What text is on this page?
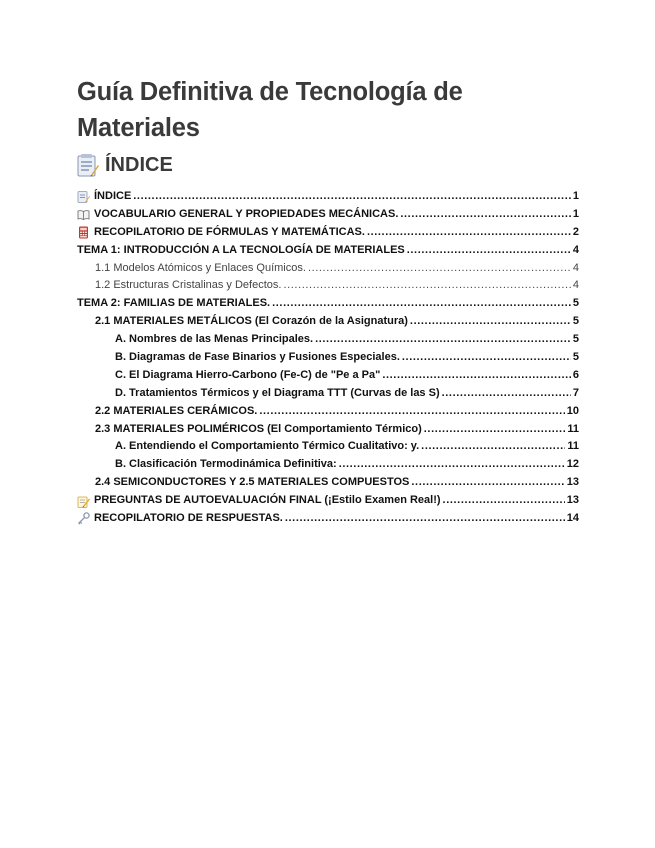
Guía Definitiva de Tecnología de Materiales
ÍNDICE
ÍNDICE .....	1
VOCABULARIO GENERAL Y PROPIEDADES MECÁNICAS. .....	1
RECOPILATORIO DE FÓRMULAS Y MATEMÁTICAS. .....	2
TEMA 1: INTRODUCCIÓN A LA TECNOLOGÍA DE MATERIALES .....	4
1.1 Modelos Atómicos y Enlaces Químicos. .....	4
1.2 Estructuras Cristalinas y Defectos. .....	4
TEMA 2: FAMILIAS DE MATERIALES. .....	5
2.1 MATERIALES METÁLICOS (El Corazón de la Asignatura) .....	5
A. Nombres de las Menas Principales. .....	5
B. Diagramas de Fase Binarios y Fusiones Especiales. .....	5
C. El Diagrama Hierro-Carbono (Fe-C) de "Pe a Pa" .....	6
D. Tratamientos Térmicos y el Diagrama TTT (Curvas de las S) .....	7
2.2 MATERIALES CERÁMICOS. .....	10
2.3 MATERIALES POLIMÉRICOS (El Comportamiento Térmico) .....	11
A. Entendiendo el Comportamiento Térmico Cualitativo: y. .....	11
B. Clasificación Termodinámica Definitiva: .....	12
2.4 SEMICONDUCTORES Y 2.5 MATERIALES COMPUESTOS .....	13
PREGUNTAS DE AUTOEVALUACIÓN FINAL (¡Estilo Examen Real!) .....	13
RECOPILATORIO DE RESPUESTAS. .....	14
